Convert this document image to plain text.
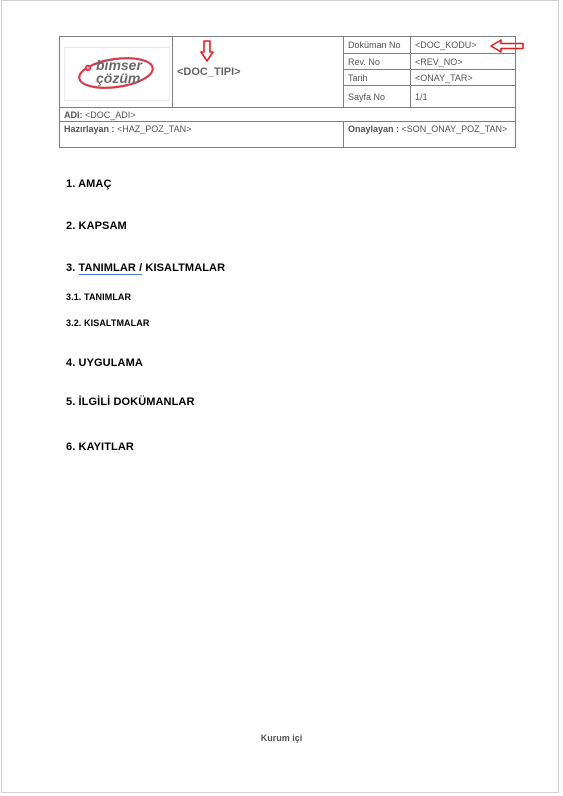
bimser
çözüm	<DOC_TIPI>	Doküman No	<DOC_KODU>
		Rev. No	<REV_NO>
		Tarih	<ONAY_TAR>
		Sayfa No	1/1
ADI: <DOC_ADI>			
Hazırlayan : <HAZ_POZ_TAN>		Onaylayan : <SON_ONAY_POZ_TAN>	
1. AMAÇ
2. KAPSAM
3. TANIMLAR / KISALTMALAR
3.1. TANIMLAR
3.2. KISALTMALAR
4. UYGULAMA
5. İLGİLİ DOKÜMANLAR
6. KAYITLAR
Kurum içi
